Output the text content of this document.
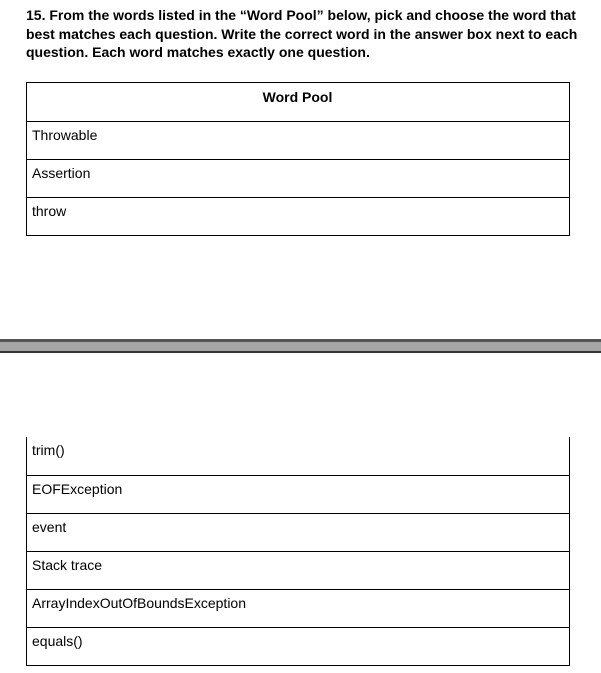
15. From the words listed in the “Word Pool” below, pick and choose the word that best matches each question. Write the correct word in the answer box next to each question. Each word matches exactly one question.
Word Pool
Throwable
Assertion
throw
trim()
EOFException
event
Stack trace
ArrayIndexOutOfBoundsException
equals()
